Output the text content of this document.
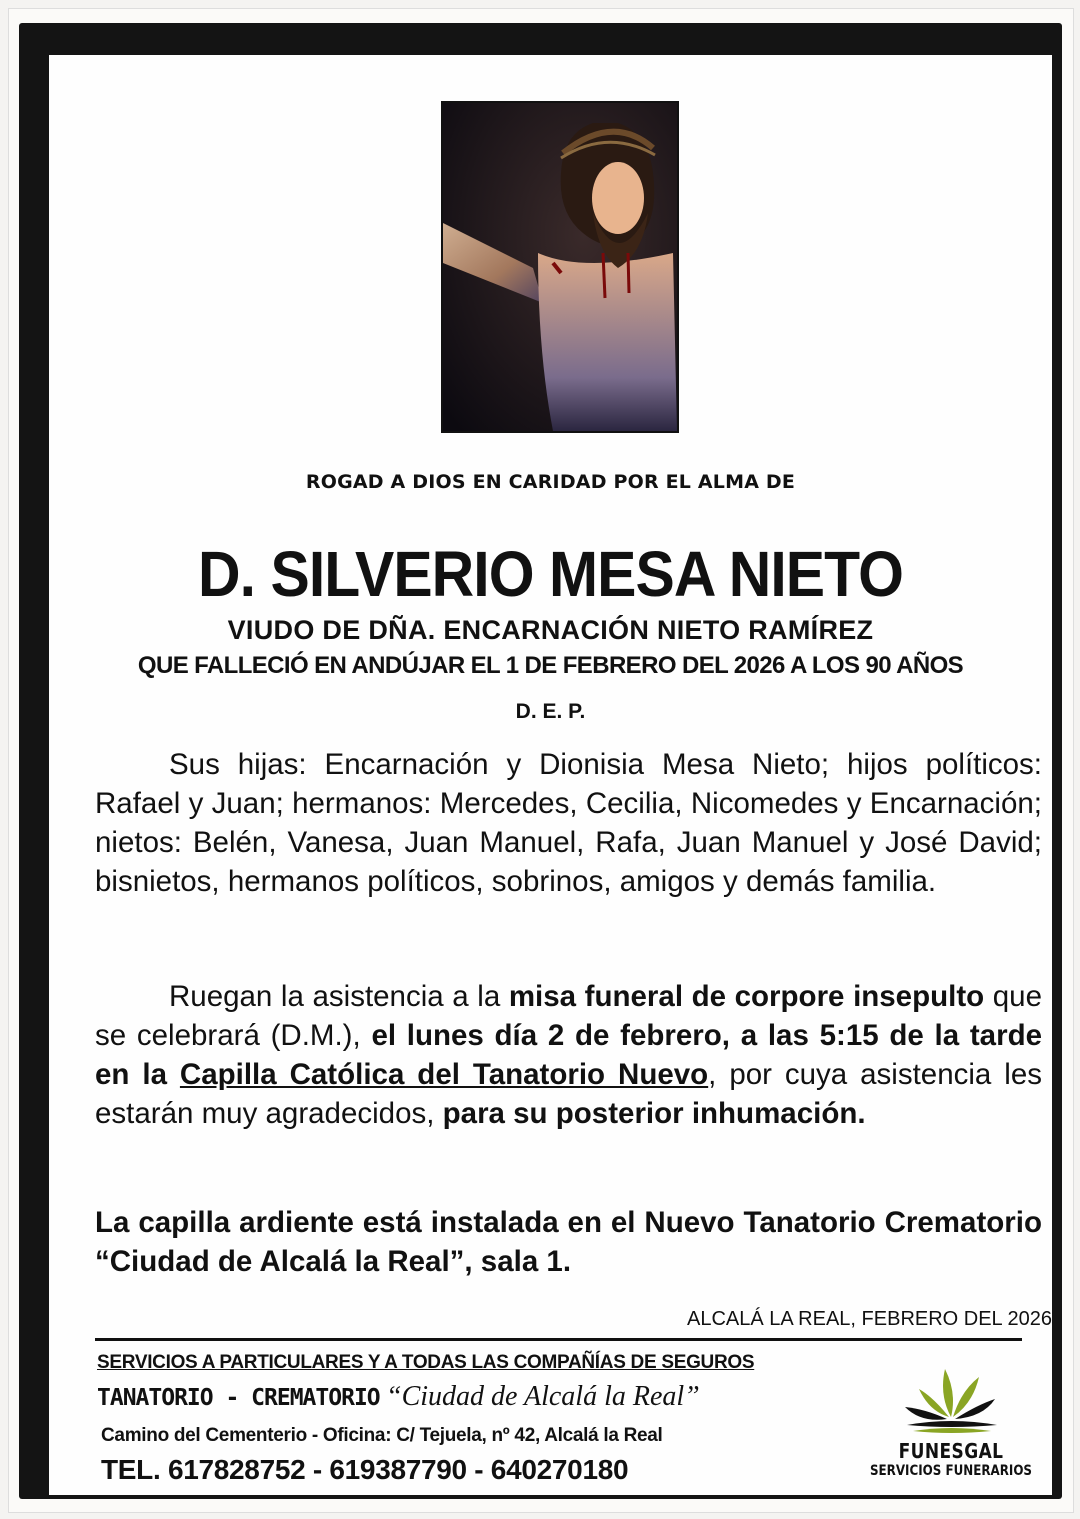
ROGAD A DIOS EN CARIDAD POR EL ALMA DE
D. SILVERIO MESA NIETO
VIUDO DE DÑA. ENCARNACIÓN NIETO RAMÍREZ
QUE FALLECIÓ EN ANDÚJAR EL 1 DE FEBRERO DEL 2026 A LOS 90 AÑOS
D. E. P.
Sus hijas: Encarnación y Dionisia Mesa Nieto; hijos políticos: Rafael y Juan; hermanos: Mercedes, Cecilia, Nicomedes y Encarnación; nietos: Belén, Vanesa, Juan Manuel, Rafa, Juan Manuel y José David; bisnietos, hermanos políticos, sobrinos, amigos y demás familia.
Ruegan la asistencia a la misa funeral de corpore insepulto que se celebrará (D.M.), el lunes día 2 de febrero, a las 5:15 de la tarde en la Capilla Católica del Tanatorio Nuevo, por cuya asistencia les estarán muy agradecidos, para su posterior inhumación.
La capilla ardiente está instalada en el Nuevo Tanatorio Crematorio “Ciudad de Alcalá la Real”, sala 1.
ALCALÁ LA REAL, FEBRERO DEL 2026
SERVICIOS A PARTICULARES Y A TODAS LAS COMPAÑÍAS DE SEGUROS
TANATORIO - CREMATORIO “Ciudad de Alcalá la Real”
Camino del Cementerio - Oficina: C/ Tejuela, nº 42, Alcalá la Real
TEL. 617828752 - 619387790 - 640270180
FUNESGAL
SERVICIOS FUNERARIOS
